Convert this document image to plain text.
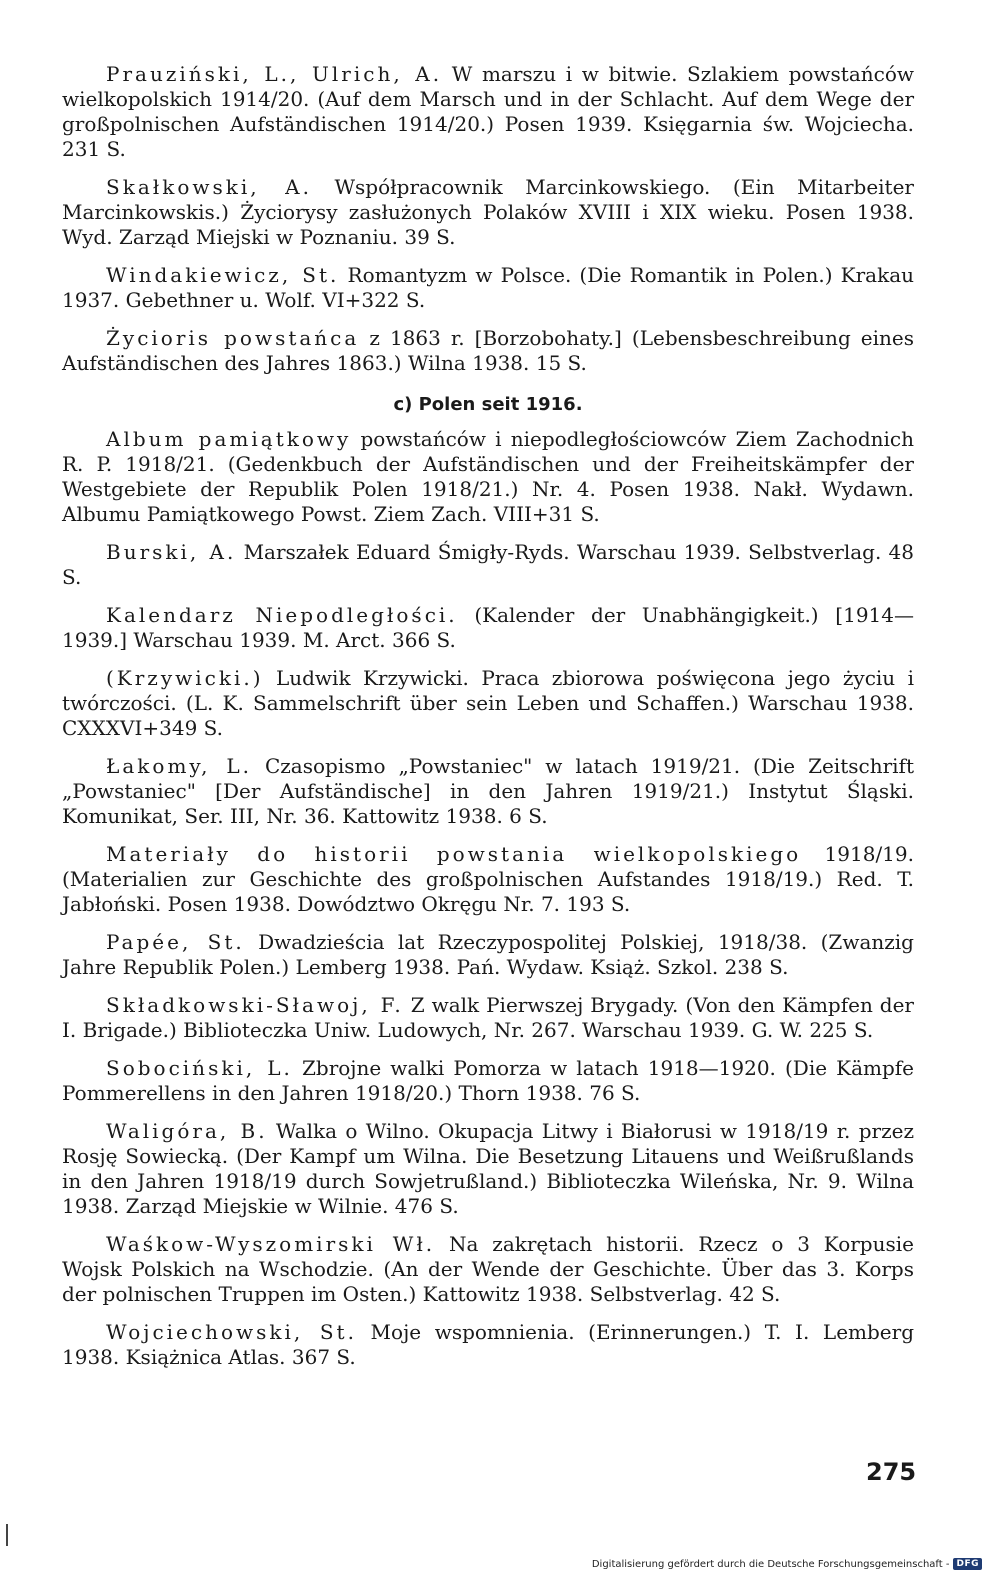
Prauziński, L., Ulrich, A. W marszu i w bitwie. Szlakiem powstańców wielkopolskich 1914/20. (Auf dem Marsch und in der Schlacht. Auf dem Wege der großpolnischen Aufständischen 1914/20.) Posen 1939. Księgarnia św. Wojciecha. 231 S.

Skałkowski, A. Współpracownik Marcinkowskiego. (Ein Mitarbeiter Marcinkowskis.) Życiorysy zasłużonych Polaków XVIII i XIX wieku. Posen 1938. Wyd. Zarząd Miejski w Poznaniu. 39 S.

Windakiewicz, St. Romantyzm w Polsce. (Die Romantik in Polen.) Krakau 1937. Gebethner u. Wolf. VI+322 S.

Życioris powstańca z 1863 r. [Borzobohaty.] (Lebensbeschreibung eines Aufständischen des Jahres 1863.) Wilna 1938. 15 S.

c) Polen seit 1916.

Album pamiątkowy powstańców i niepodległościowców Ziem Zachodnich R. P. 1918/21. (Gedenkbuch der Aufständischen und der Freiheitskämpfer der Westgebiete der Republik Polen 1918/21.) Nr. 4. Posen 1938. Nakł. Wydawn. Albumu Pamiątkowego Powst. Ziem Zach. VIII+31 S.

Burski, A. Marszałek Eduard Śmigły-Ryds. Warschau 1939. Selbstverlag. 48 S.

Kalendarz Niepodległości. (Kalender der Unabhängigkeit.) [1914—1939.] Warschau 1939. M. Arct. 366 S.

(Krzywicki.) Ludwik Krzywicki. Praca zbiorowa poświęcona jego życiu i twórczości. (L. K. Sammelschrift über sein Leben und Schaffen.) Warschau 1938. CXXXVI+349 S.

Łakomy, L. Czasopismo „Powstaniec" w latach 1919/21. (Die Zeitschrift „Powstaniec" [Der Aufständische] in den Jahren 1919/21.) Instytut Śląski. Komunikat, Ser. III, Nr. 36. Kattowitz 1938. 6 S.

Materiały do historii powstania wielkopolskiego 1918/19. (Materialien zur Geschichte des großpolnischen Aufstandes 1918/19.) Red. T. Jabłoński. Posen 1938. Dowództwo Okręgu Nr. 7. 193 S.

Papée, St. Dwadzieścia lat Rzeczypospolitej Polskiej, 1918/38. (Zwanzig Jahre Republik Polen.) Lemberg 1938. Pań. Wydaw. Książ. Szkol. 238 S.

Składkowski-Sławoj, F. Z walk Pierwszej Brygady. (Von den Kämpfen der I. Brigade.) Biblioteczka Uniw. Ludowych, Nr. 267. Warschau 1939. G. W. 225 S.

Sobociński, L. Zbrojne walki Pomorza w latach 1918—1920. (Die Kämpfe Pommerellens in den Jahren 1918/20.) Thorn 1938. 76 S.

Waligóra, B. Walka o Wilno. Okupacja Litwy i Białorusi w 1918/19 r. przez Rosję Sowiecką. (Der Kampf um Wilna. Die Besetzung Litauens und Weißrußlands in den Jahren 1918/19 durch Sowjetrußland.) Biblioteczka Wileńska, Nr. 9. Wilna 1938. Zarząd Miejskie w Wilnie. 476 S.

Waśkow-Wyszomirski Wł. Na zakrętach historii. Rzecz o 3 Korpusie Wojsk Polskich na Wschodzie. (An der Wende der Geschichte. Über das 3. Korps der polnischen Truppen im Osten.) Kattowitz 1938. Selbstverlag. 42 S.

Wojciechowski, St. Moje wspomnienia. (Erinnerungen.) T. I. Lemberg 1938. Książnica Atlas. 367 S.

275
Digitalisierung gefördert durch die Deutsche Forschungsgemeinschaft - DFG
